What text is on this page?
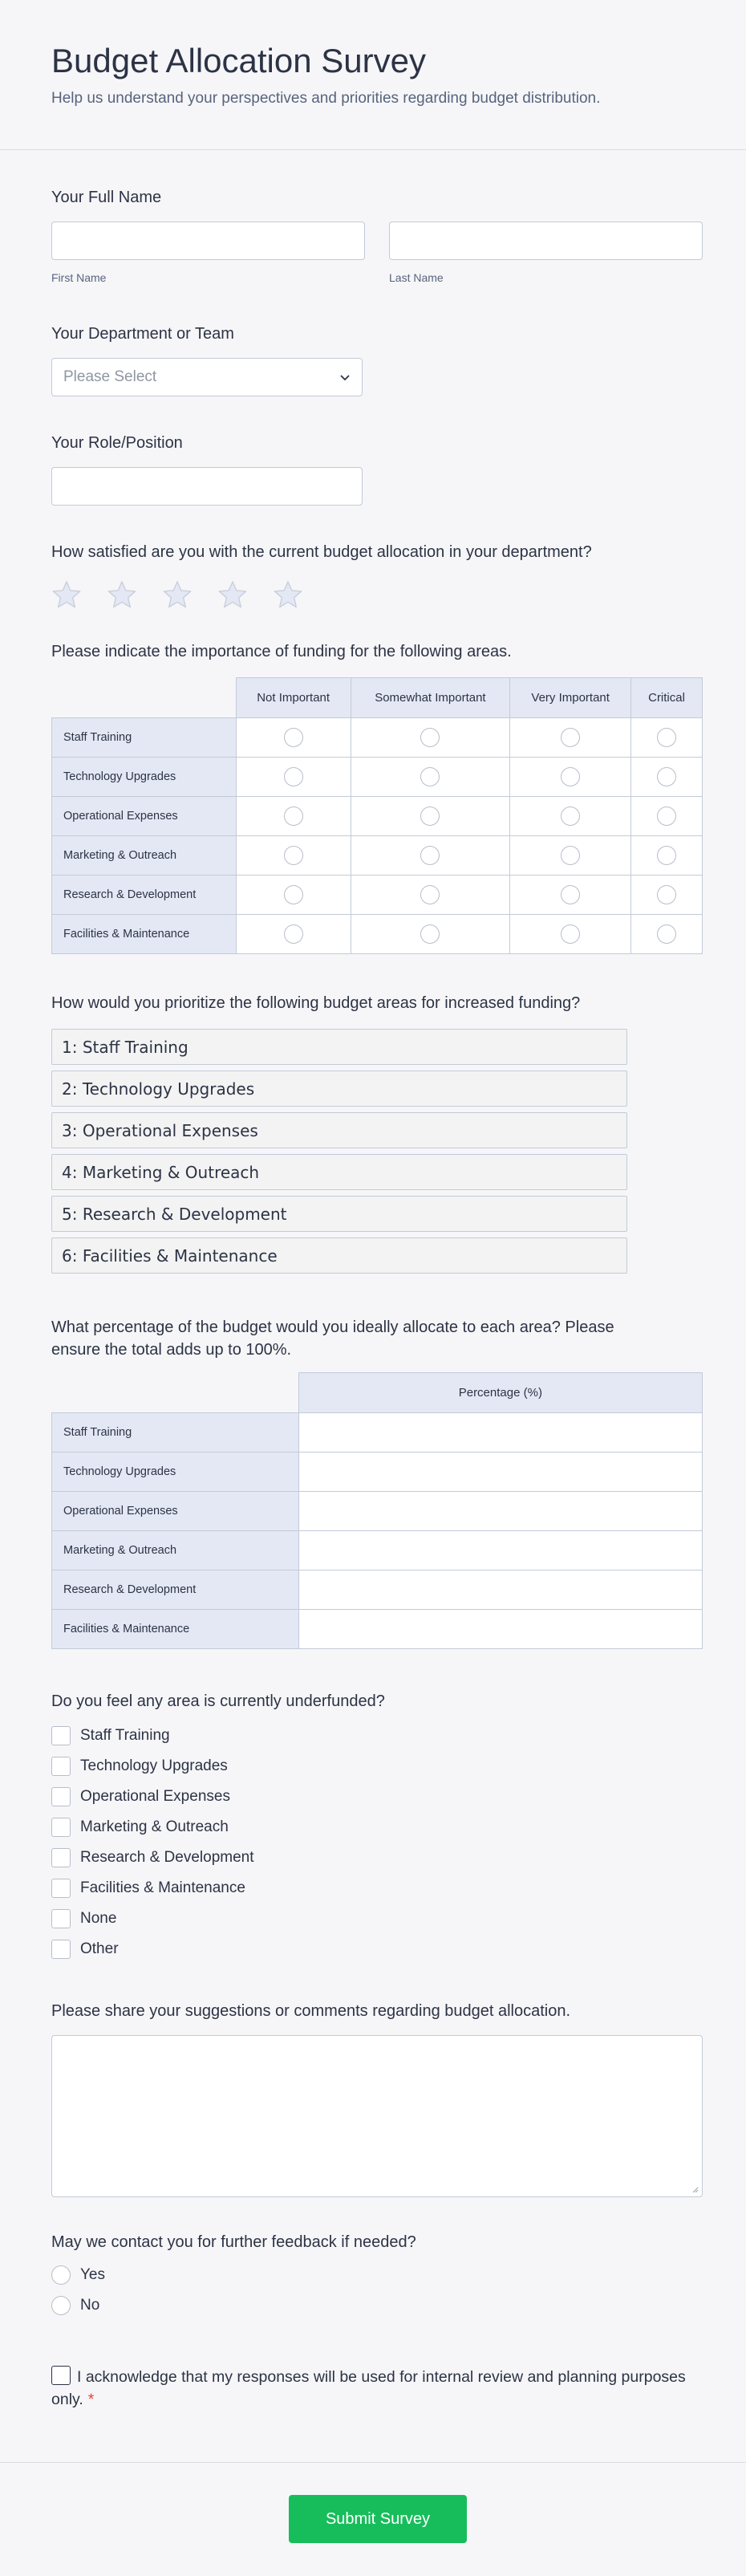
Budget Allocation Survey

Help us understand your perspectives and priorities regarding budget distribution.

Your Full Name
First Name	Last Name
Your Department or Team
Please Select
Your Role/Position
How satisfied are you with the current budget allocation in your department?
Please indicate the importance of funding for the following areas.
	Not Important	Somewhat Important	Very Important	Critical
Staff Training				
Technology Upgrades				
Operational Expenses				
Marketing & Outreach				
Research & Development				
Facilities & Maintenance				
How would you prioritize the following budget areas for increased funding?
1: Staff Training
2: Technology Upgrades
3: Operational Expenses
4: Marketing & Outreach
5: Research & Development
6: Facilities & Maintenance
What percentage of the budget would you ideally allocate to each area? Please ensure the total adds up to 100%.
	Percentage (%)
Staff Training	
Technology Upgrades	
Operational Expenses	
Marketing & Outreach	
Research & Development	
Facilities & Maintenance	
Do you feel any area is currently underfunded?
Staff Training
Technology Upgrades
Operational Expenses
Marketing & Outreach
Research & Development
Facilities & Maintenance
None
Other
Please share your suggestions or comments regarding budget allocation.
May we contact you for further feedback if needed?
Yes
No
I acknowledge that my responses will be used for internal review and planning purposes only. *
Submit Survey
